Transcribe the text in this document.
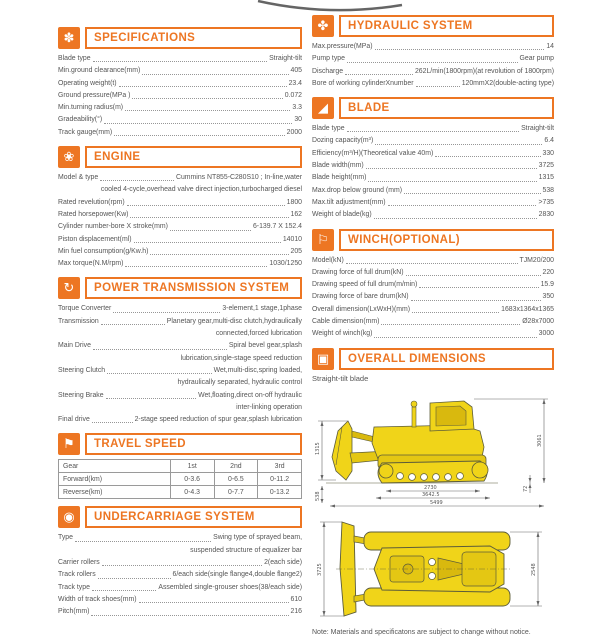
✽	SPECIFICATIONS
Blade type	Straight-tilt
Min.ground clearance(mm)	405
Operating weight(t)	23.4
Ground pressure(MPa )	0.072
Min.turning radius(m)	3.3
Gradeability(°)	30
Track gauge(mm)	2000
❀	ENGINE
Model & type	Cummins NT855-C280S10 ; In-line,water
cooled 4-cycle,overhead valve direct injection,turbocharged diesel
Rated revelution(rpm)	1800
Rated horsepower(Kw)	162
Cylinder number-bore X stroke(mm)	6-139.7 X 152.4
Piston displacement(ml)	14010
Min fuel consumption(g/Kw.h)	205
Max torque(N.M/rpm)	1030/1250
↻	POWER TRANSMISSION SYSTEM
Torque Converter	3-element,1 stage,1phase
Transmission	Planetary gear,multi-disc clutch,hydraulically
connected,forced lubrication
Main Drive	Spiral bevel gear,splash
lubrication,single-stage speed reduction
Steering Clutch	Wet,multi-disc,spring loaded,
hydraulically separated, hydraulic control
Steering Brake	Wet,floating,direct on-off hydraulic
inter-linking operation
Final drive	2-stage speed reduction of spur gear,splash lubrication
⚑	TRAVEL SPEED
Gear	1st	2nd	3rd
Forward(km)	0-3.6	0-6.5	0-11.2
Reverse(km)	0-4.3	0-7.7	0-13.2
◉	UNDERCARRIAGE SYSTEM
Type	Swing type of sprayed beam,
suspended structure of equalizer bar
Carrier rollers	2(each side)
Track rollers	6/each side(single flange4,double flange2)
Track type	Assembled single-grouser shoes(38/each side)
Width of track shoes(mm)	610
Pitch(mm)	216
✤	HYDRAULIC SYSTEM
Max.pressure(MPa)	14
Pump type	Gear pump
Discharge	262L/min(1800rpm)(at revolution of 1800rpm)
Bore of working cylinderXnumber	120mmX2(double-acting type)
◢	BLADE
Blade type	Straight-tilt
Dozing capacity(m³)	6.4
Efficiency(m³/H)(Theoretical value 40m)	330
Blade width(mm)	3725
Blade height(mm)	1315
Max.drop below ground (mm)	538
Max.tilt adjustment(mm)	>735
Weight of blade(kg)	2830
⚐	WINCH(OPTIONAL)
Model(kN)	TJM20/200
Drawing force of full drum(kN)	220
Drawing speed of full drum(m/min)	15.9
Drawing force of bare drum(kN)	350
Overall dimension(LxWxH)(mm)	1683x1364x1365
Cable dimension(mm)	Ø28x7000
Weight of winch(kg)	3000
▣	OVERALL DIMENSIONS
Straight-tilt blade
1315
538
3061
72
2730
3642.5
5499

3725	2548
Note: Materials and specificatons are subject to change without notice.
